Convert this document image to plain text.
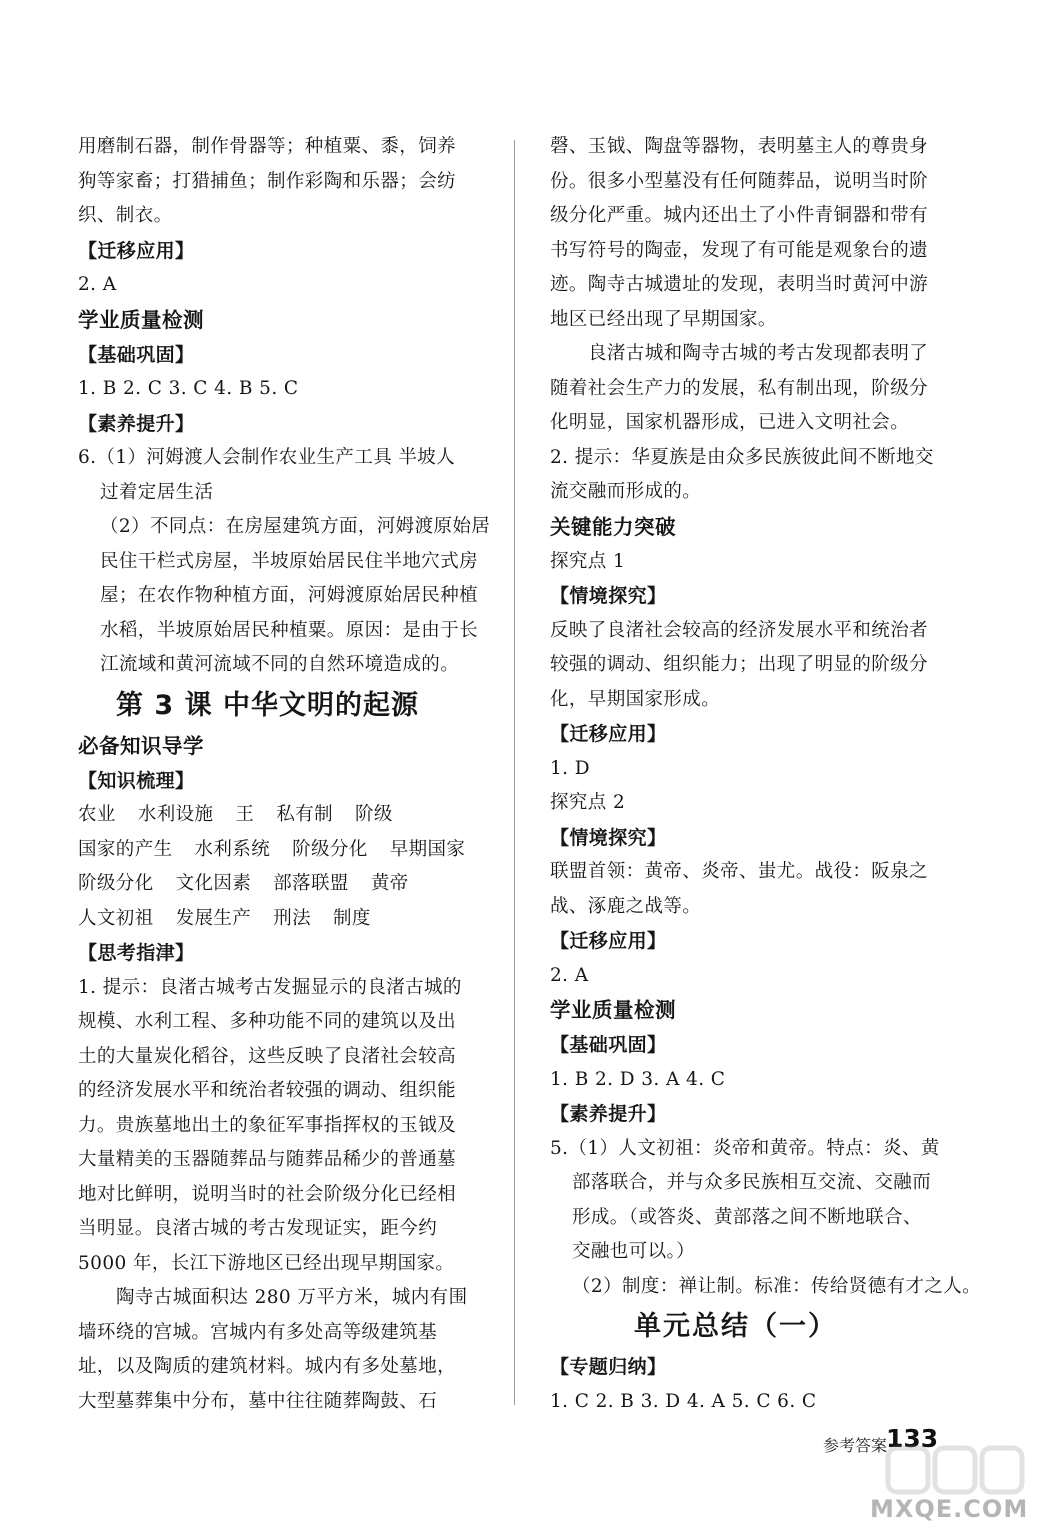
用磨制石器，制作骨器等；种植粟、黍，饲养
狗等家畜；打猎捕鱼；制作彩陶和乐器；会纺
织、制衣。
【迁移应用】
2. A
学业质量检测
【基础巩固】
1. B 2. C 3. C 4. B 5. C
【素养提升】
6.（1）河姆渡人会制作农业生产工具 半坡人
过着定居生活
（2）不同点：在房屋建筑方面，河姆渡原始居
民住干栏式房屋，半坡原始居民住半地穴式房
屋；在农作物种植方面，河姆渡原始居民种植
水稻，半坡原始居民种植粟。原因：是由于长
江流域和黄河流域不同的自然环境造成的。
第 3 课 中华文明的起源
必备知识导学
【知识梳理】
农业 水利设施 王 私有制 阶级
国家的产生 水利系统 阶级分化 早期国家
阶级分化 文化因素 部落联盟 黄帝
人文初祖 发展生产 刑法 制度
【思考指津】
1. 提示：良渚古城考古发掘显示的良渚古城的
规模、水利工程、多种功能不同的建筑以及出
土的大量炭化稻谷，这些反映了良渚社会较高
的经济发展水平和统治者较强的调动、组织能
力。贵族墓地出土的象征军事指挥权的玉钺及
大量精美的玉器随葬品与随葬品稀少的普通墓
地对比鲜明，说明当时的社会阶级分化已经相
当明显。良渚古城的考古发现证实，距今约
5000 年，长江下游地区已经出现早期国家。
陶寺古城面积达 280 万平方米，城内有围
墙环绕的宫城。宫城内有多处高等级建筑基
址，以及陶质的建筑材料。城内有多处墓地，
大型墓葬集中分布，墓中往往随葬陶鼓、石
磬、玉钺、陶盘等器物，表明墓主人的尊贵身
份。很多小型墓没有任何随葬品，说明当时阶
级分化严重。城内还出土了小件青铜器和带有
书写符号的陶壶，发现了有可能是观象台的遗
迹。陶寺古城遗址的发现，表明当时黄河中游
地区已经出现了早期国家。
良渚古城和陶寺古城的考古发现都表明了
随着社会生产力的发展，私有制出现，阶级分
化明显，国家机器形成，已进入文明社会。
2. 提示：华夏族是由众多民族彼此间不断地交
流交融而形成的。
关键能力突破
探究点 1
【情境探究】
反映了良渚社会较高的经济发展水平和统治者
较强的调动、组织能力；出现了明显的阶级分
化，早期国家形成。
【迁移应用】
1. D
探究点 2
【情境探究】
联盟首领：黄帝、炎帝、蚩尤。战役：阪泉之
战、涿鹿之战等。
【迁移应用】
2. A
学业质量检测
【基础巩固】
1. B 2. D 3. A 4. C
【素养提升】
5.（1）人文初祖：炎帝和黄帝。特点：炎、黄
部落联合，并与众多民族相互交流、交融而
形成。（或答炎、黄部落之间不断地联合、
交融也可以。）
（2）制度：禅让制。标准：传给贤德有才之人。
单元总结（一）
【专题归纳】
1. C 2. B 3. D 4. A 5. C 6. C
参考答案
133
MXQE.COM
